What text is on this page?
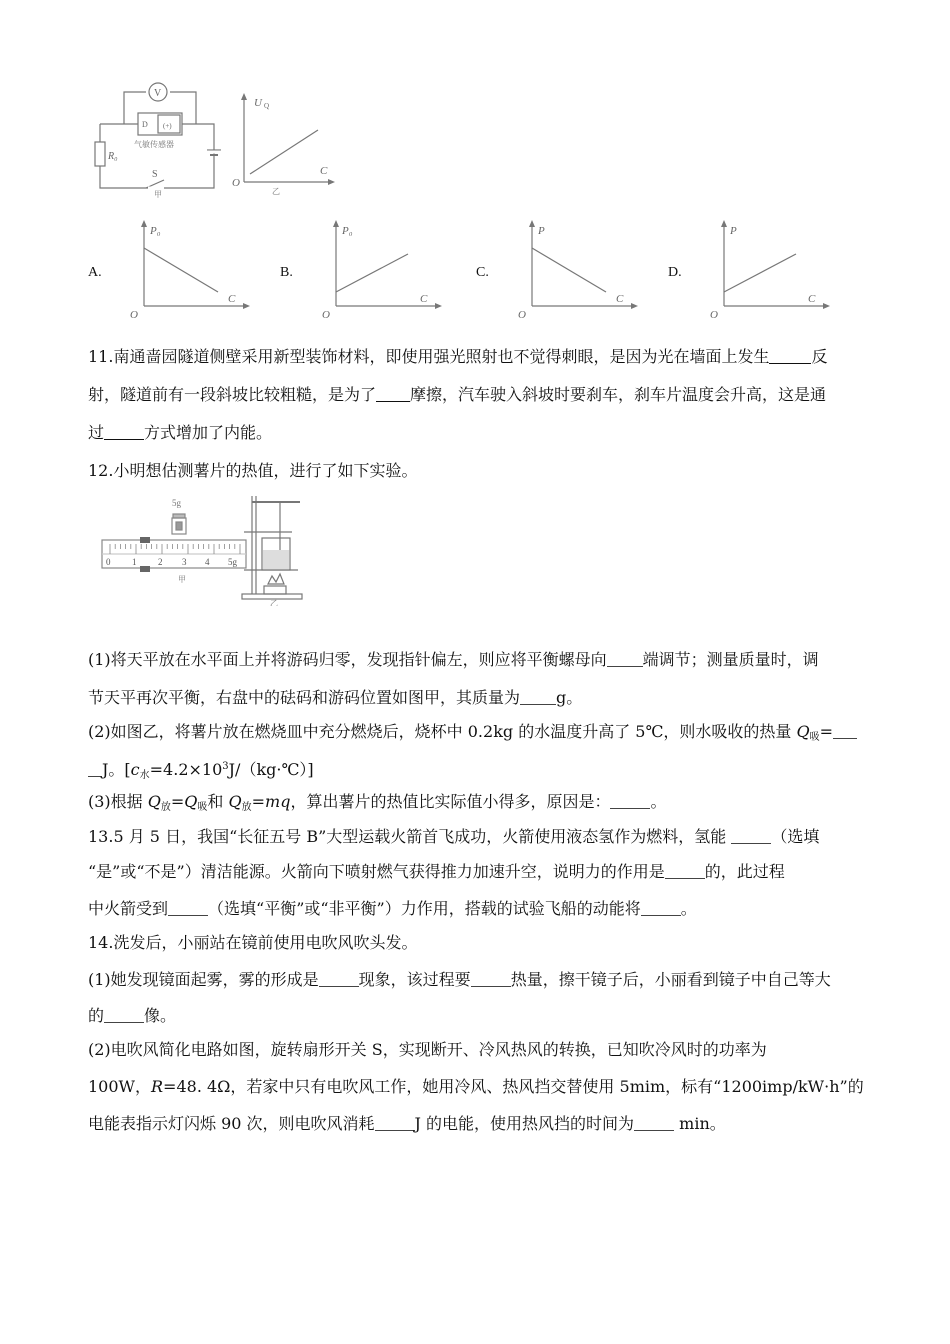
V
D (+)
气敏传感器
R₀
S
甲
U Q
O
C
乙
A.
P₀
O
C
B.
P₀
O
C
C.
P
O
C
D.
P
O
C
11.南通啬园隧道侧壁采用新型装饰材料，即使用强光照射也不觉得刺眼，是因为光在墙面上发生	反
射，隧道前有一段斜坡比较粗糙，是为了 摩擦，汽车驶入斜坡时要刹车，刹车片温度会升高，这是通
过	方式增加了内能。
12.小明想估测薯片的热值，进行了如下实验。
5g
0 1 2 3 4 5g
甲
乙
(1)将天平放在水平面上并将游码归零，发现指针偏左，则应将平衡螺母向 端调节；测量质量时，调
节天平再次平衡，右盘中的砝码和游码位置如图甲，其质量为 g。
(2)如图乙，将薯片放在燃烧皿中充分燃烧后，烧杯中 0.2kg 的水温度升高了 5℃，则水吸收的热量 $Q_吸=$
J。$[c_水=4.2\times 10^3J/(kg\cdot℃)]$
(3)根据 $Q_放=Q_吸$和 $Q_放=mq$，算出薯片的热值比实际值小得多，原因是：	。
13.5 月 5 日，我国“长征五号 B”大型运载火箭首飞成功，火箭使用液态氢作为燃料，氢能	（选填
“是”或“不是”）清洁能源。火箭向下喷射燃气获得推力加速升空，说明力的作用是	的，此过程
中火箭受到	（选填“平衡”或“非平衡”）力作用，搭载的试验飞船的动能将	。
14.洗发后，小丽站在镜前使用电吹风吹头发。
(1)她发现镜面起雾，雾的形成是	现象，该过程要	热量，擦干镜子后，小丽看到镜子中自己等大
的	像。
(2)电吹风简化电路如图，旋转扇形开关 S，实现断开、冷风热风的转换，已知吹冷风时的功率为
100W，R=48. 4Ω，若家中只有电吹风工作，她用冷风、热风挡交替使用 5mim，标有“1200imp/kW·h”的
电能表指示灯闪烁 90 次，则电吹风消耗	J 的电能，使用热风挡的时间为	min。
